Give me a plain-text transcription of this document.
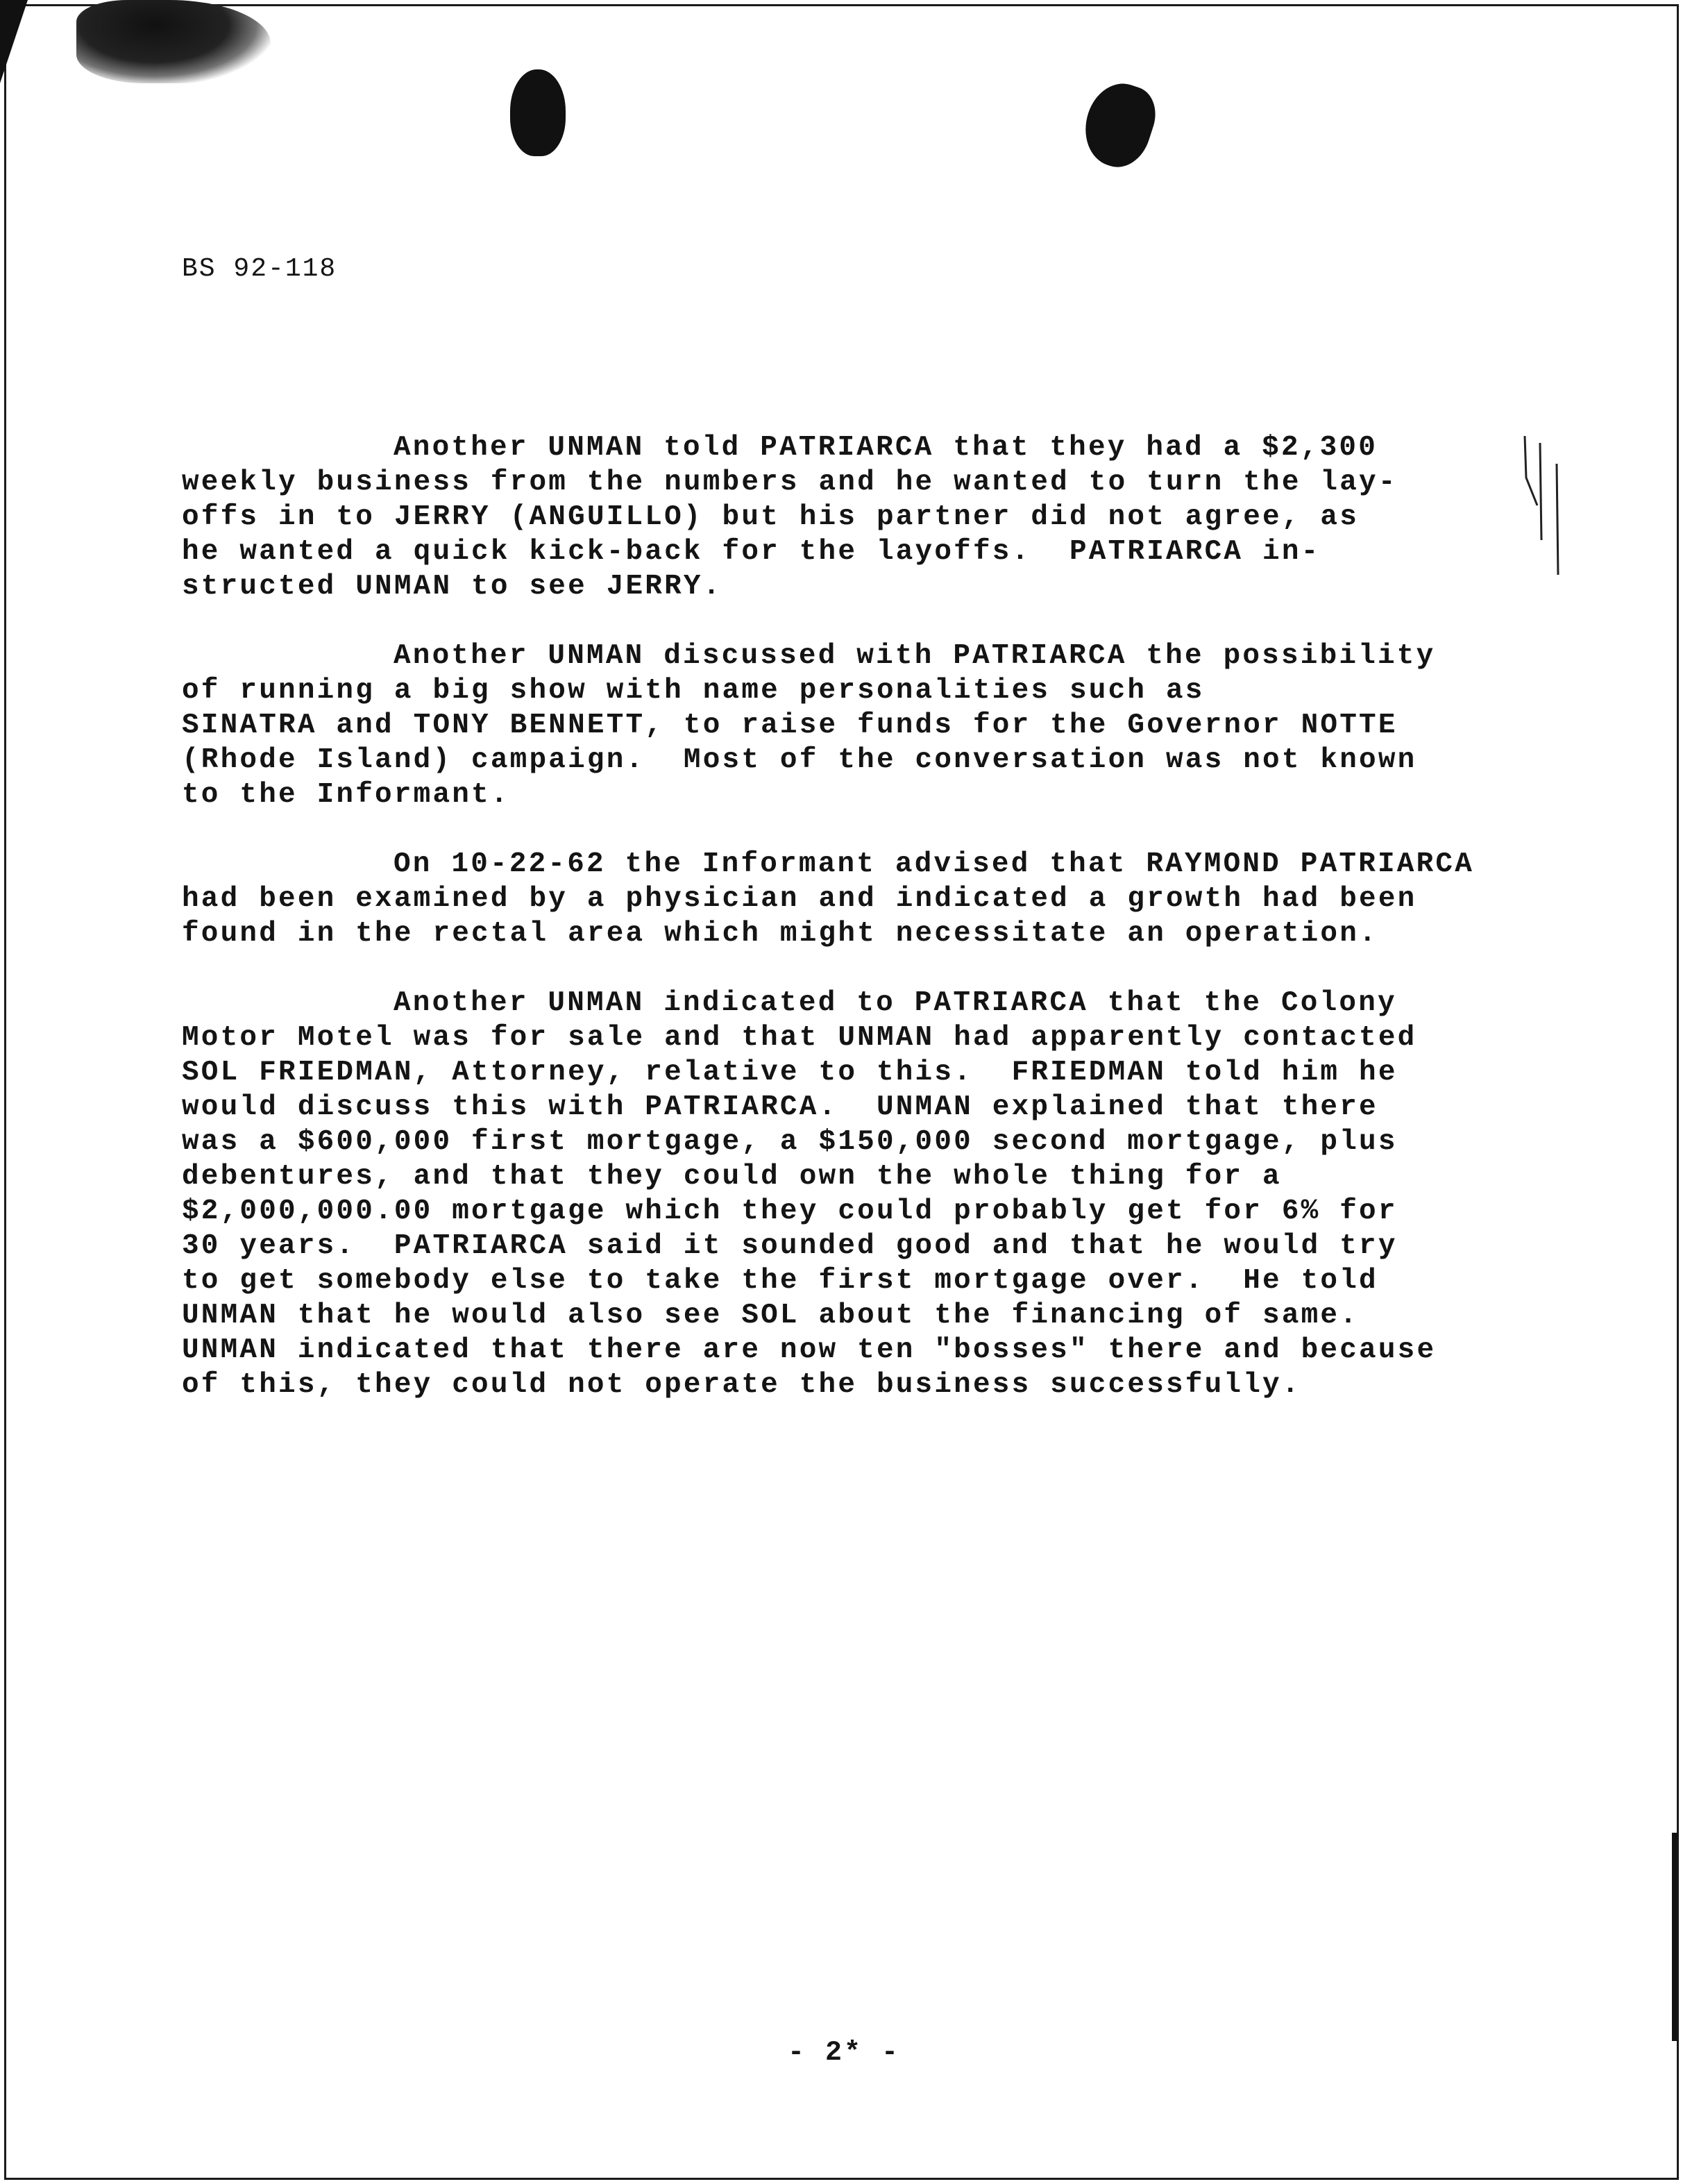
BS 92-118
Another UNMAN told PATRIARCA that they had a $2,300
weekly business from the numbers and he wanted to turn the lay-
offs in to JERRY (ANGUILLO) but his partner did not agree, as
he wanted a quick kick-back for the layoffs.  PATRIARCA in-
structed UNMAN to see JERRY.
Another UNMAN discussed with PATRIARCA the possibility
of running a big show with name personalities such as
SINATRA and TONY BENNETT, to raise funds for the Governor NOTTE
(Rhode Island) campaign.  Most of the conversation was not known
to the Informant.
On 10-22-62 the Informant advised that RAYMOND PATRIARCA
had been examined by a physician and indicated a growth had been
found in the rectal area which might necessitate an operation.
Another UNMAN indicated to PATRIARCA that the Colony
Motor Motel was for sale and that UNMAN had apparently contacted
SOL FRIEDMAN, Attorney, relative to this.  FRIEDMAN told him he
would discuss this with PATRIARCA.  UNMAN explained that there
was a $600,000 first mortgage, a $150,000 second mortgage, plus
debentures, and that they could own the whole thing for a
$2,000,000.00 mortgage which they could probably get for 6% for
30 years.  PATRIARCA said it sounded good and that he would try
to get somebody else to take the first mortgage over.  He told
UNMAN that he would also see SOL about the financing of same.
UNMAN indicated that there are now ten "bosses" there and because
of this, they could not operate the business successfully.
- 2* -
